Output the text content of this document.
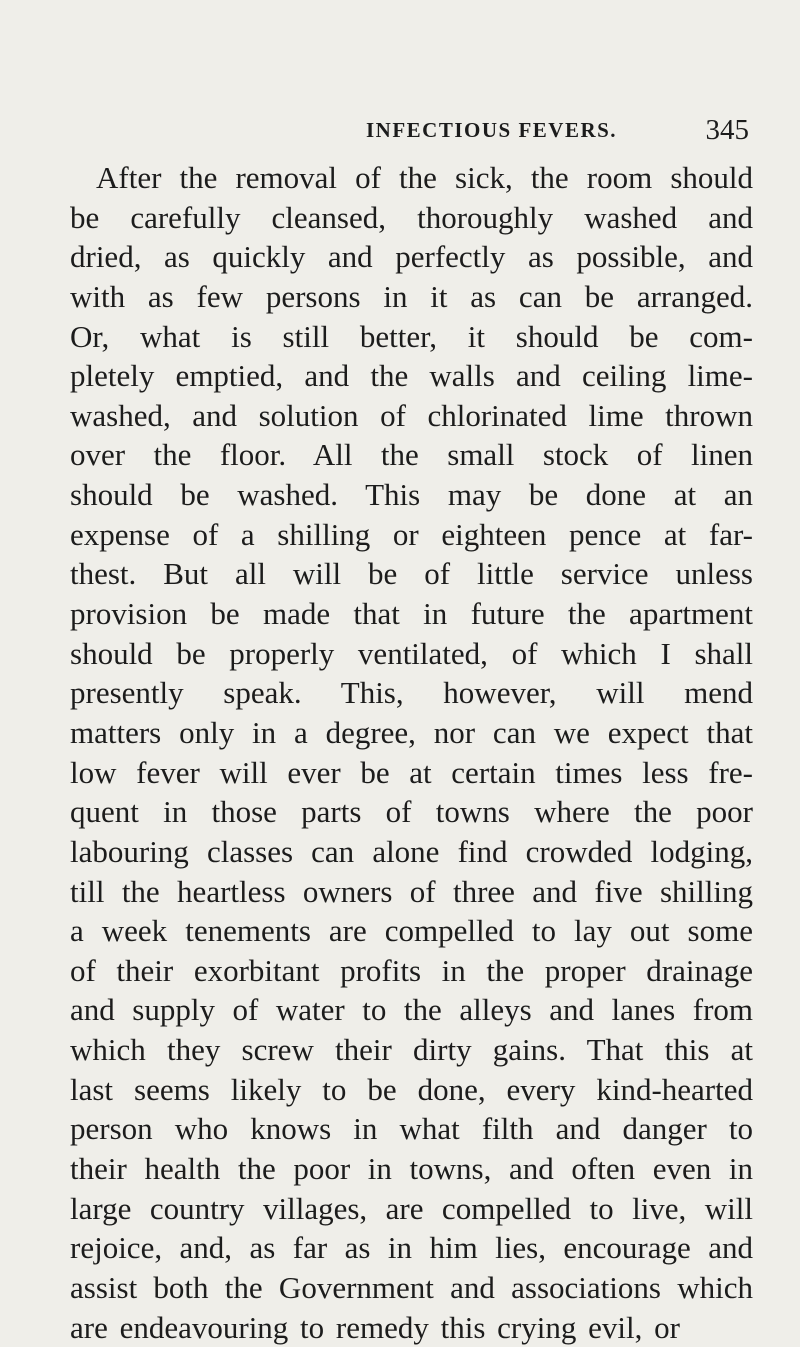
INFECTIOUS FEVERS.	345
After the removal of the sick, the room should
be carefully cleansed, thoroughly washed and
dried, as quickly and perfectly as possible, and
with as few persons in it as can be arranged.
Or, what is still better, it should be com-
pletely emptied, and the walls and ceiling lime-
washed, and solution of chlorinated lime thrown
over the floor. All the small stock of linen
should be washed. This may be done at an
expense of a shilling or eighteen pence at far-
thest. But all will be of little service unless
provision be made that in future the apartment
should be properly ventilated, of which I shall
presently speak. This, however, will mend
matters only in a degree, nor can we expect that
low fever will ever be at certain times less fre-
quent in those parts of towns where the poor
labouring classes can alone find crowded lodging,
till the heartless owners of three and five shilling
a week tenements are compelled to lay out some
of their exorbitant profits in the proper drainage
and supply of water to the alleys and lanes from
which they screw their dirty gains. That this at
last seems likely to be done, every kind-hearted
person who knows in what filth and danger to
their health the poor in towns, and often even in
large country villages, are compelled to live, will
rejoice, and, as far as in him lies, encourage and
assist both the Government and associations which
are endeavouring to remedy this crying evil, or
